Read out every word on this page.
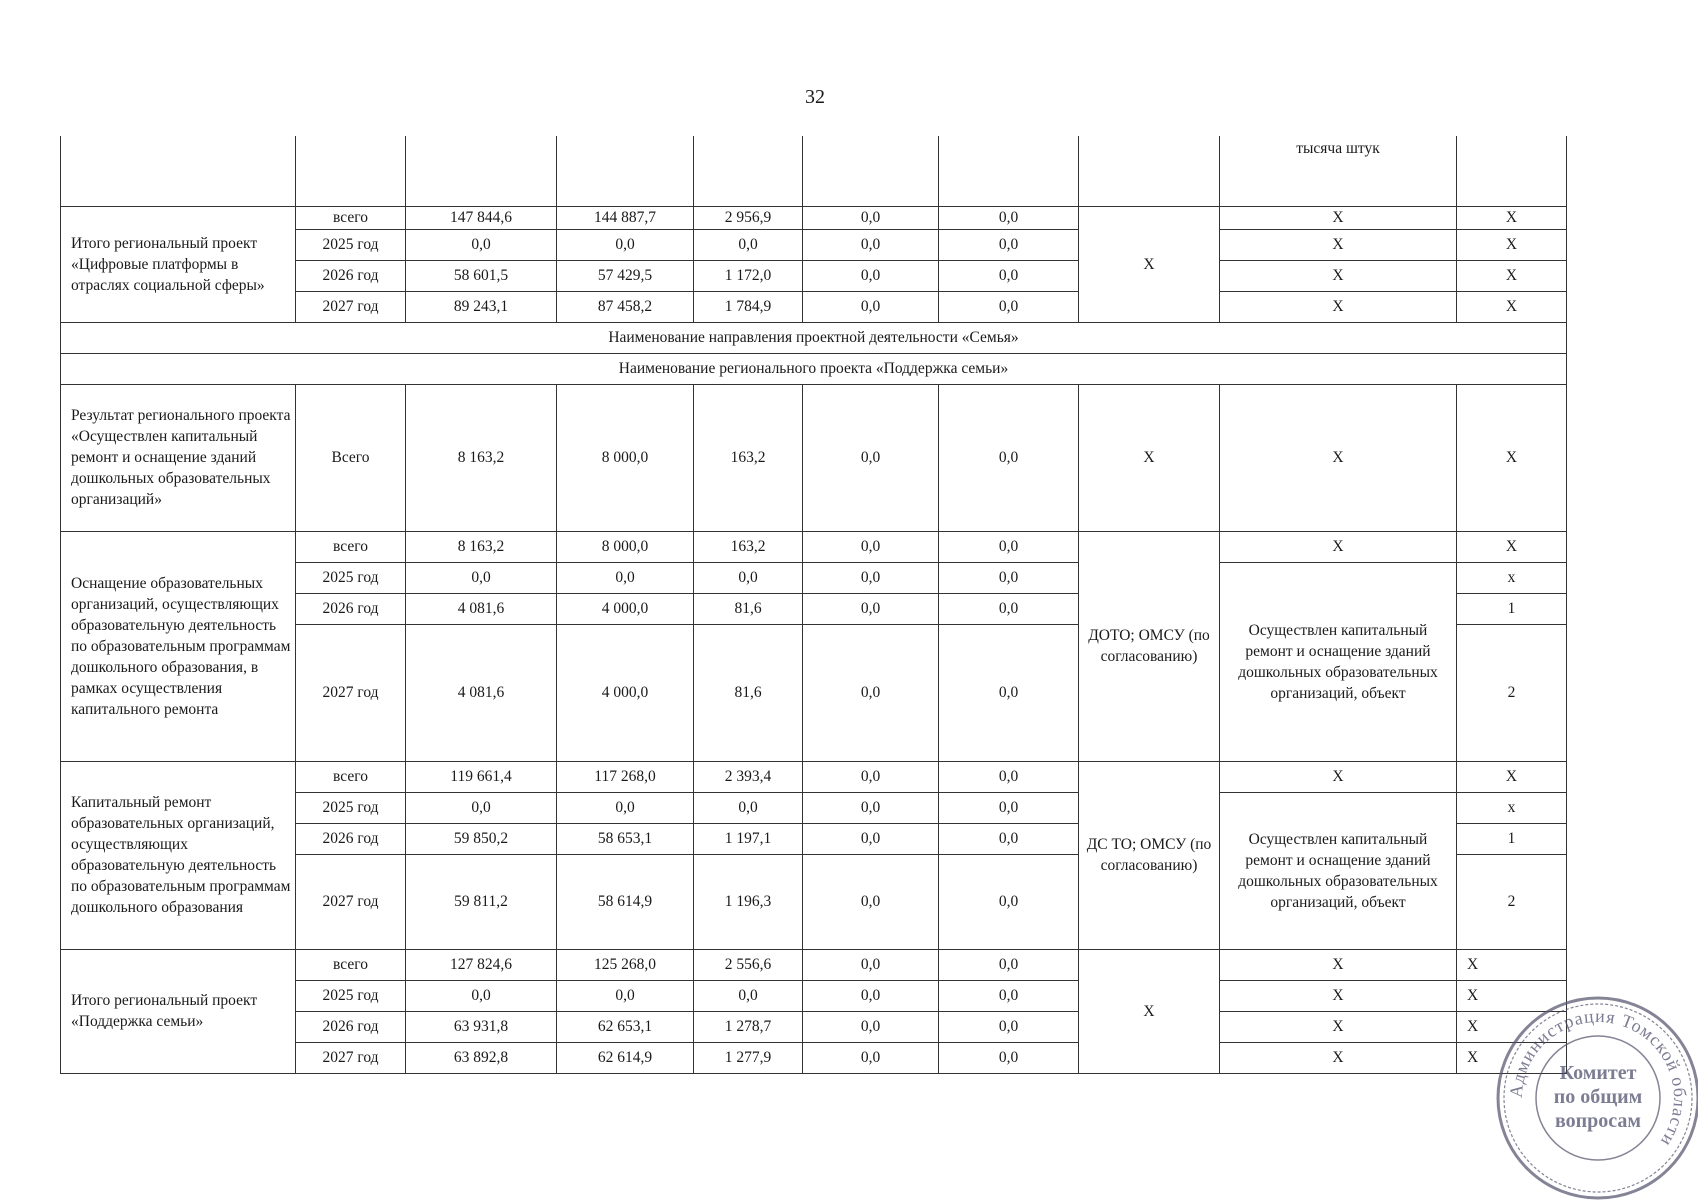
32
								тысяча штук	
Итого региональный проект «Цифровые платформы в отраслях социальной сферы»	всего	147 844,6	144 887,7	2 956,9	0,0	0,0	X	X	X
	2025 год	0,0	0,0	0,0	0,0	0,0		X	X
	2026 год	58 601,5	57 429,5	1 172,0	0,0	0,0		X	X
	2027 год	89 243,1	87 458,2	1 784,9	0,0	0,0		X	X
Наименование направления проектной деятельности «Семья»									
Наименование регионального проекта «Поддержка семьи»									
Результат регионального проекта «Осуществлен капитальный ремонт и оснащение зданий дошкольных образовательных организаций»	Всего	8 163,2	8 000,0	163,2	0,0	0,0	X	X	X
Оснащение образовательных организаций, осуществляющих образовательную деятельность по образовательным программам дошкольного образования, в рамках осуществления капитального ремонта	всего	8 163,2	8 000,0	163,2	0,0	0,0	ДОТО; ОМСУ (по согласованию)	X	X
	2025 год	0,0	0,0	0,0	0,0	0,0		Осуществлен капитальный ремонт и оснащение зданий дошкольных образовательных организаций, объект	x
	2026 год	4 081,6	4 000,0	81,6	0,0	0,0			1
	2027 год	4 081,6	4 000,0	81,6	0,0	0,0			2
Капитальный ремонт образовательных организаций, осуществляющих образовательную деятельность по образовательным программам дошкольного образования	всего	119 661,4	117 268,0	2 393,4	0,0	0,0	ДС ТО; ОМСУ (по согласованию)	X	X
	2025 год	0,0	0,0	0,0	0,0	0,0		Осуществлен капитальный ремонт и оснащение зданий дошкольных образовательных организаций, объект	x
	2026 год	59 850,2	58 653,1	1 197,1	0,0	0,0			1
	2027 год	59 811,2	58 614,9	1 196,3	0,0	0,0			2
Итого региональный проект «Поддержка семьи»	всего	127 824,6	125 268,0	2 556,6	0,0	0,0	X	X	X
	2025 год	0,0	0,0	0,0	0,0	0,0		X	X
	2026 год	63 931,8	62 653,1	1 278,7	0,0	0,0		X	X
	2027 год	63 892,8	62 614,9	1 277,9	0,0	0,0		X	X
Администрация Томской области
Комитет
по общим
вопросам
